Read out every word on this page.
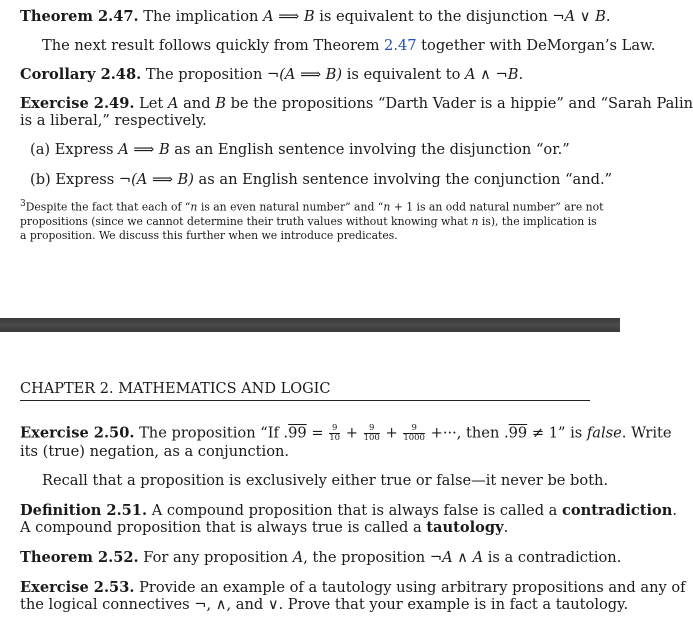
Theorem 2.47. The implication A ⟹ B is equivalent to the disjunction ¬A ∨ B.
The next result follows quickly from Theorem 2.47 together with DeMorgan’s Law.
Corollary 2.48. The proposition ¬(A ⟹ B) is equivalent to A ∧ ¬B.
Exercise 2.49. Let A and B be the propositions “Darth Vader is a hippie” and “Sarah Palin
is a liberal,” respectively.
(a) Express A ⟹ B as an English sentence involving the disjunction “or.”
(b) Express ¬(A ⟹ B) as an English sentence involving the conjunction “and.”
$^3$Despite the fact that each of “n is an even natural number” and “n + 1 is an odd natural number” are not
propositions (since we cannot determine their truth values without knowing what n is), the implication is
a proposition. We discuss this further when we introduce predicates.
CHAPTER 2. MATHEMATICS AND LOGIC
Exercise 2.50. The proposition “If $.99 = \frac{9}{10} + \frac{9}{100} + \frac{9}{1000}$ +···, then .99 ≠ 1” is false. Write
its (true) negation, as a conjunction.
Recall that a proposition is exclusively either true or false—it never be both.
Definition 2.51. A compound proposition that is always false is called a contradiction.
A compound proposition that is always true is called a tautology.
Theorem 2.52. For any proposition A, the proposition ¬A ∧ A is a contradiction.
Exercise 2.53. Provide an example of a tautology using arbitrary propositions and any of
the logical connectives ¬, ∧, and ∨. Prove that your example is in fact a tautology.
